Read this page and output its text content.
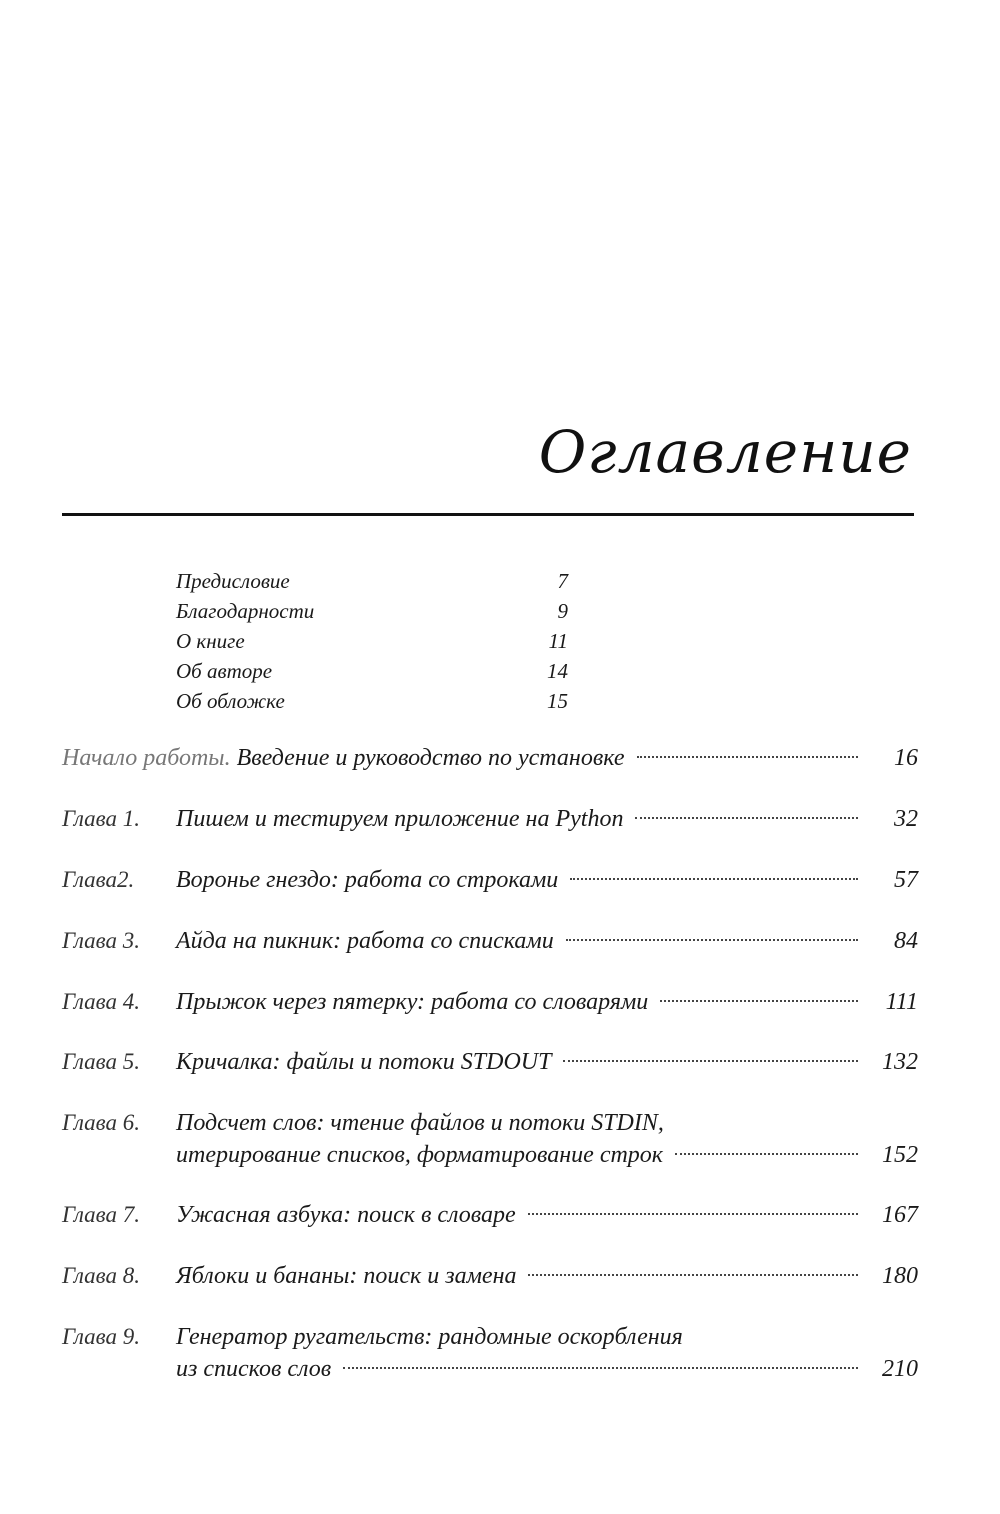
Оглавление
Предисловие	7
Благодарности	9
О книге	11
Об авторе	14
Об обложке	15
Начало работы. Введение и руководство по установке	16
Глава 1.	Пишем и тестируем приложение на Python	32
Глава2.	Воронье гнездо: работа со строками	57
Глава 3.	Айда на пикник: работа со списками	84
Глава 4.	Прыжок через пятерку: работа со словарями	111
Глава 5.	Кричалка: файлы и потоки STDOUT	132
Глава 6.	Подсчет слов: чтение файлов и потоки STDIN,
итерирование списков, форматирование строк	152
Глава 7.	Ужасная азбука: поиск в словаре	167
Глава 8.	Яблоки и бананы: поиск и замена	180
Глава 9.	Генератор ругательств: рандомные оскорбления
из списков слов	210
